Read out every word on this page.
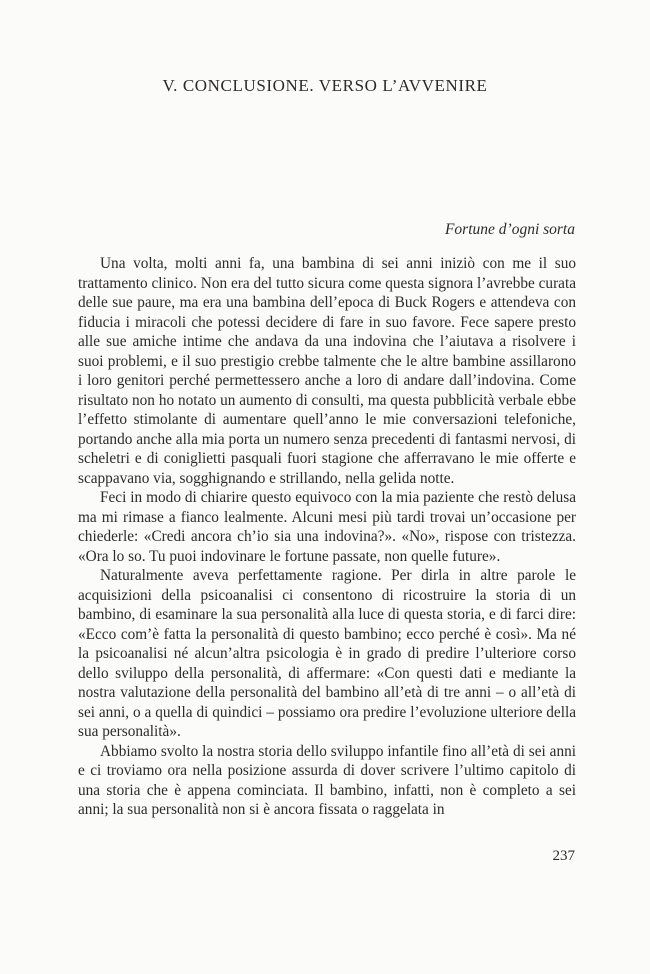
V. CONCLUSIONE. VERSO L’AVVENIRE
Fortune d’ogni sorta

Una volta, molti anni fa, una bambina di sei anni iniziò con me il suo trattamento clinico. Non era del tutto sicura come questa signora l’avrebbe curata delle sue paure, ma era una bambina dell’epoca di Buck Rogers e attendeva con fiducia i miracoli che potessi decidere di fare in suo favore. Fece sapere presto alle sue amiche intime che andava da una indovina che l’aiutava a risolvere i suoi problemi, e il suo prestigio crebbe talmente che le altre bambine assillarono i loro genitori perché permettessero anche a loro di andare dall’indovina. Come risultato non ho notato un aumento di consulti, ma questa pubblicità verbale ebbe l’effetto stimolante di aumentare quell’anno le mie conversazioni telefoniche, portando anche alla mia porta un numero senza precedenti di fantasmi nervosi, di scheletri e di coniglietti pasquali fuori stagione che afferravano le mie offerte e scappavano via, sogghignando e strillando, nella gelida notte.

Feci in modo di chiarire questo equivoco con la mia paziente che restò delusa ma mi rimase a fianco lealmente. Alcuni mesi più tardi trovai un’occasione per chiederle: «Credi ancora ch’io sia una indovina?». «No», rispose con tristezza. «Ora lo so. Tu puoi indovinare le fortune passate, non quelle future».

Naturalmente aveva perfettamente ragione. Per dirla in altre parole le acquisizioni della psicoanalisi ci consentono di ricostruire la storia di un bambino, di esaminare la sua personalità alla luce di questa storia, e di farci dire: «Ecco com’è fatta la personalità di questo bambino; ecco perché è così». Ma né la psicoanalisi né alcun’altra psicologia è in grado di predire l’ulteriore corso dello sviluppo della personalità, di affermare: «Con questi dati e mediante la nostra valutazione della personalità del bambino all’età di tre anni – o all’età di sei anni, o a quella di quindici – possiamo ora predire l’evoluzione ulteriore della sua personalità».

Abbiamo svolto la nostra storia dello sviluppo infantile fino all’età di sei anni e ci troviamo ora nella posizione assurda di dover scrivere l’ultimo capitolo di una storia che è appena cominciata. Il bambino, infatti, non è completo a sei anni; la sua personalità non si è ancora fissata o raggelata in

237
